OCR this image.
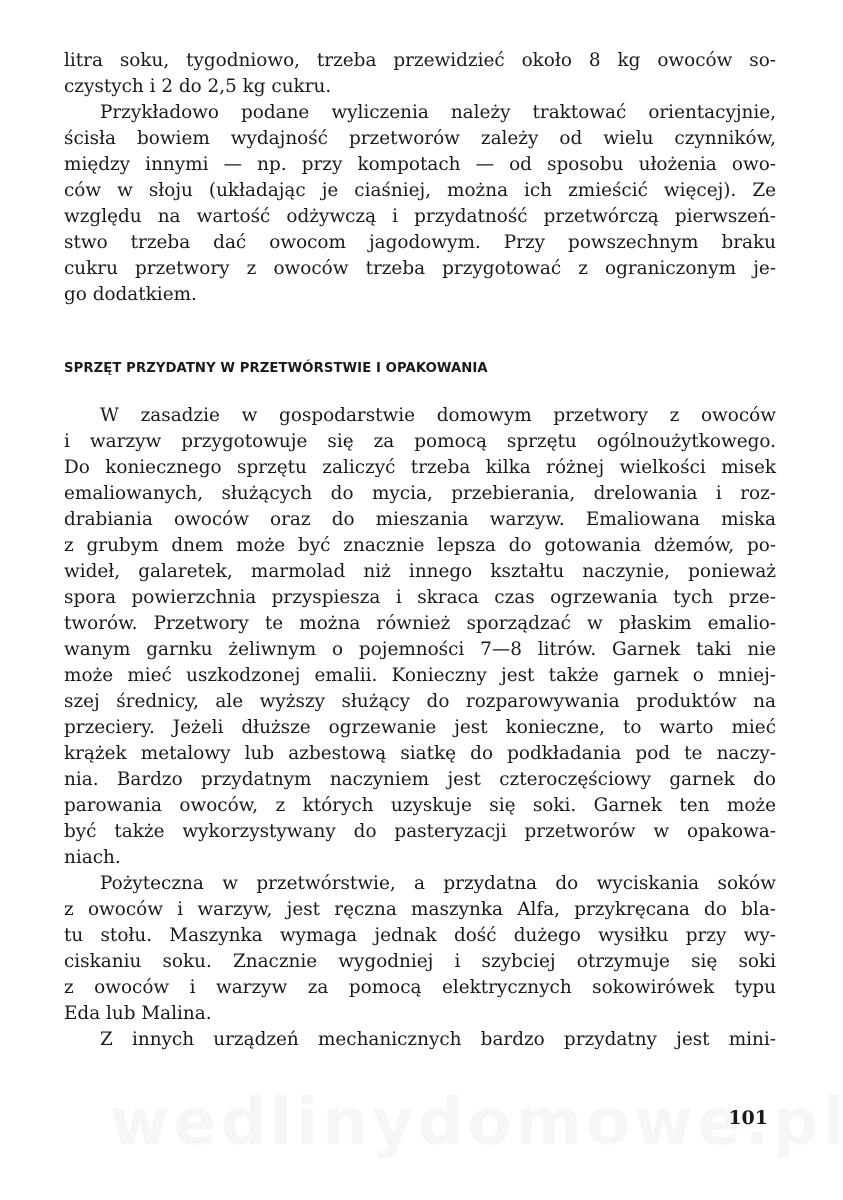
litra soku, tygodniowo, trzeba przewidzieć około 8 kg owoców so-
czystych i 2 do 2,5 kg cukru.
Przykładowo podane wyliczenia należy traktować orientacyjnie,
ścisła bowiem wydajność przetworów zależy od wielu czynników,
między innymi — np. przy kompotach — od sposobu ułożenia owo-
ców w słoju (układając je ciaśniej, można ich zmieścić więcej). Ze
względu na wartość odżywczą i przydatność przetwórczą pierwszeń-
stwo trzeba dać owocom jagodowym. Przy powszechnym braku
cukru przetwory z owoców trzeba przygotować z ograniczonym je-
go dodatkiem.
SPRZĘT PRZYDATNY W PRZETWÓRSTWIE I OPAKOWANIA
W zasadzie w gospodarstwie domowym przetwory z owoców
i warzyw przygotowuje się za pomocą sprzętu ogólnoużytkowego.
Do koniecznego sprzętu zaliczyć trzeba kilka różnej wielkości misek
emaliowanych, służących do mycia, przebierania, drelowania i roz-
drabiania owoców oraz do mieszania warzyw. Emaliowana miska
z grubym dnem może być znacznie lepsza do gotowania dżemów, po-
wideł, galaretek, marmolad niż innego kształtu naczynie, ponieważ
spora powierzchnia przyspiesza i skraca czas ogrzewania tych prze-
tworów. Przetwory te można również sporządzać w płaskim emalio-
wanym garnku żeliwnym o pojemności 7—8 litrów. Garnek taki nie
może mieć uszkodzonej emalii. Konieczny jest także garnek o mniej-
szej średnicy, ale wyższy służący do rozparowywania produktów na
przeciery. Jeżeli dłuższe ogrzewanie jest konieczne, to warto mieć
krążek metalowy lub azbestową siatkę do podkładania pod te naczy-
nia. Bardzo przydatnym naczyniem jest czteroczęściowy garnek do
parowania owoców, z których uzyskuje się soki. Garnek ten może
być także wykorzystywany do pasteryzacji przetworów w opakowa-
niach.
Pożyteczna w przetwórstwie, a przydatna do wyciskania soków
z owoców i warzyw, jest ręczna maszynka Alfa, przykręcana do bla-
tu stołu. Maszynka wymaga jednak dość dużego wysiłku przy wy-
ciskaniu soku. Znacznie wygodniej i szybciej otrzymuje się soki
z owoców i warzyw za pomocą elektrycznych sokowirówek typu
Eda lub Malina.
Z innych urządzeń mechanicznych bardzo przydatny jest mini-
101
